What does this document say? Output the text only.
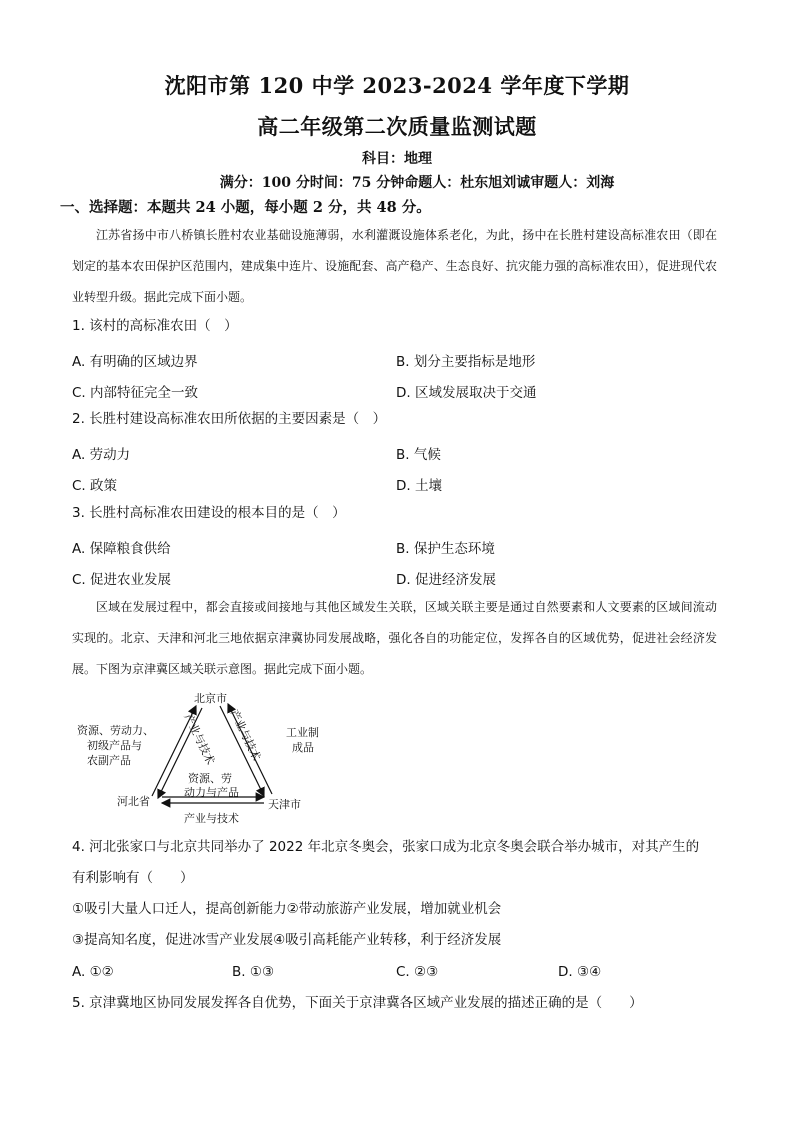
沈阳市第 120 中学 2023-2024 学年度下学期
高二年级第二次质量监测试题
科目：地理
满分：100 分时间：75 分钟命题人：杜东旭刘诚审题人：刘海
一、选择题：本题共 24 小题，每小题 2 分，共 48 分。
江苏省扬中市八桥镇长胜村农业基础设施薄弱，水利灌溉设施体系老化，为此，扬中在长胜村建设高标准农田（即在划定的基本农田保护区范围内，建成集中连片、设施配套、高产稳产、生态良好、抗灾能力强的高标准农田），促进现代农业转型升级。据此完成下面小题。
1. 该村的高标准农田（　）
A. 有明确的区域边界	B. 划分主要指标是地形
C. 内部特征完全一致	D. 区域发展取决于交通
2. 长胜村建设高标准农田所依据的主要因素是（　）
A. 劳动力	B. 气候
C. 政策	D. 土壤
3. 长胜村高标准农田建设的根本目的是（　）
A. 保障粮食供给	B. 保护生态环境
C. 促进农业发展	D. 促进经济发展
区域在发展过程中，都会直接或间接地与其他区域发生关联，区域关联主要是通过自然要素和人文要素的区域间流动实现的。北京、天津和河北三地依据京津冀协同发展战略，强化各自的功能定位，发挥各自的区域优势，促进社会经济发展。下图为京津冀区域关联示意图。据此完成下面小题。
北京市
河北省	天津市
资源、劳动力、
初级产品与
农副产品
工业制
成品
资源、劳
动力与产品
产业与技术
产业与技术 产业与技术
4. 河北张家口与北京共同举办了 2022 年北京冬奥会，张家口成为北京冬奥会联合举办城市，对其产生的
有利影响有（　　）
①吸引大量人口迁人，提高创新能力②带动旅游产业发展，增加就业机会
③提高知名度，促进冰雪产业发展④吸引高耗能产业转移，利于经济发展
A. ①②	B. ①③	C. ②③	D. ③④
5. 京津冀地区协同发展发挥各自优势，下面关于京津冀各区域产业发展的描述正确的是（　　）
